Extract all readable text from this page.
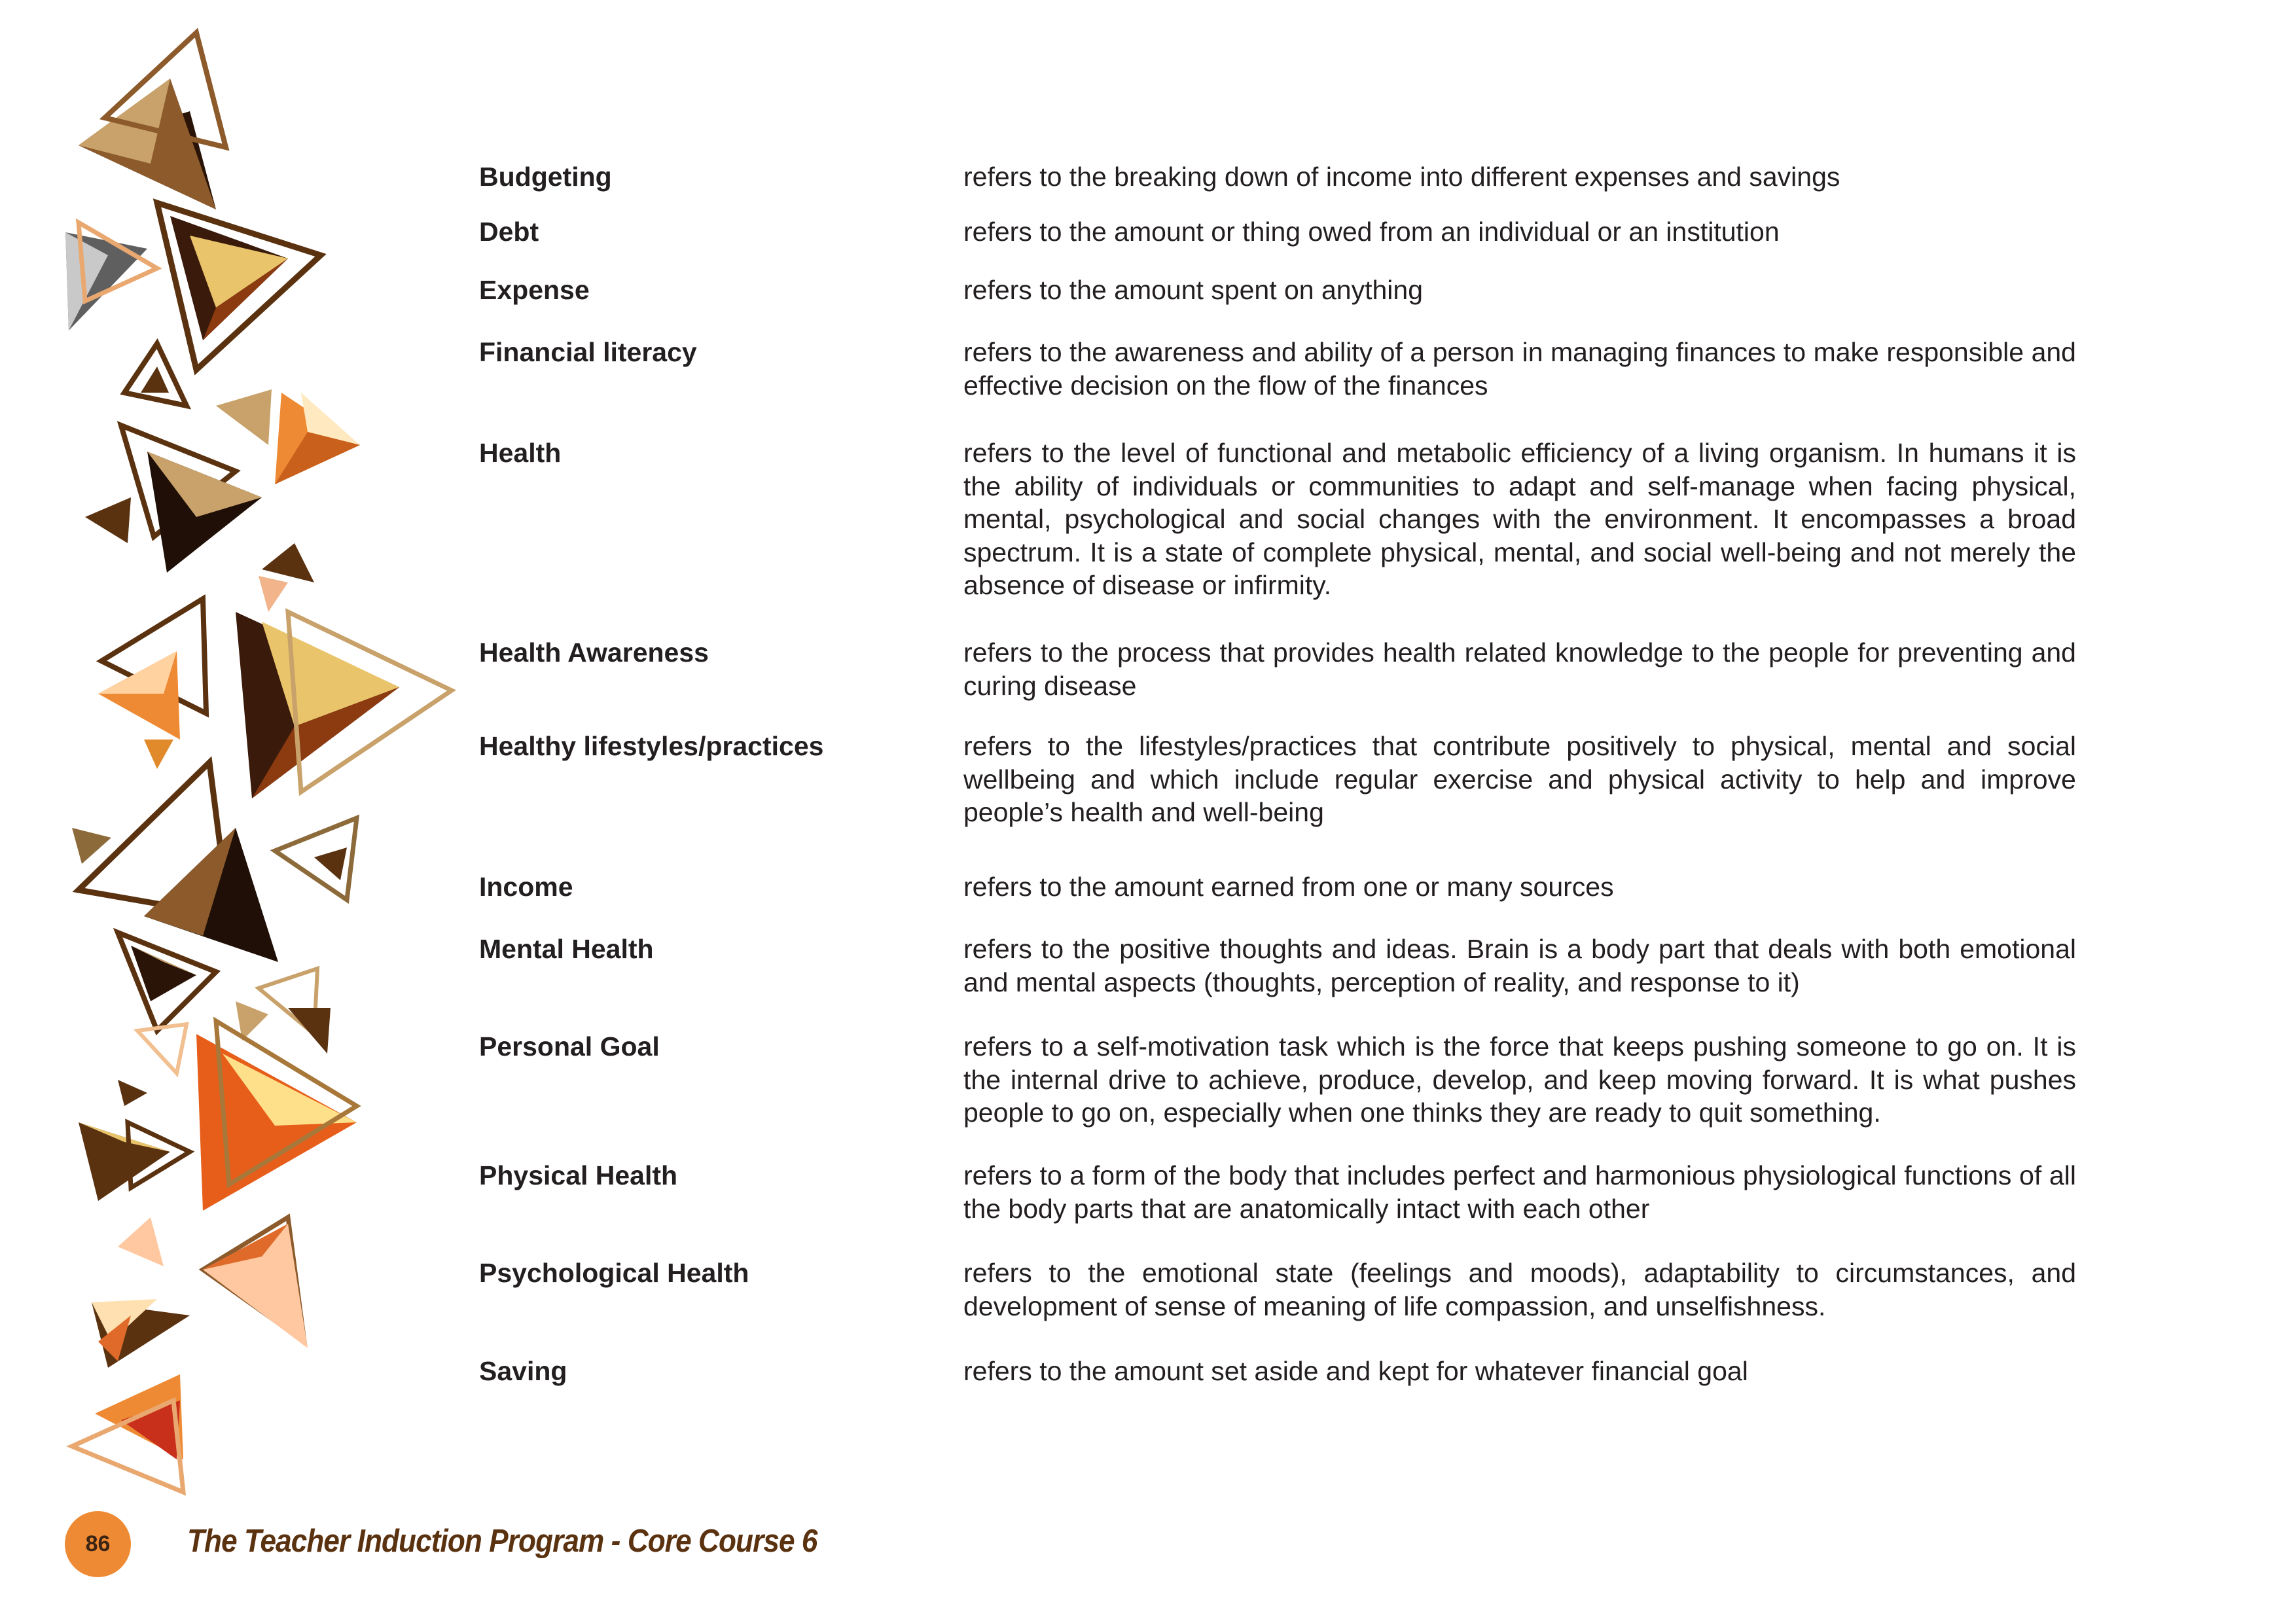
Budgeting	refers to the breaking down of income into different expenses and savings
Debt	refers to the amount or thing owed from an individual or an institution
Expense	refers to the amount spent on anything
Financial literacy	refers to the awareness and ability of a person in managing finances to make responsible and effective decision on the flow of the finances
Health	refers to the level of functional and metabolic efficiency of a living organism. In humans it is the ability of individuals or communities to adapt and self-manage when facing physical, mental, psychological and social changes with the environment. It encompasses a broad spectrum. It is a state of complete physical, mental, and social well-being and not merely the absence of disease or infirmity.
Health Awareness	refers to the process that provides health related knowledge to the people for preventing and curing disease
Healthy lifestyles/practices	refers to the lifestyles/practices that contribute positively to physical, mental and social wellbeing and which include regular exercise and physical activity to help and improve people’s health and well-being
Income	refers to the amount earned from one or many sources
Mental Health	refers to the positive thoughts and ideas. Brain is a body part that deals with both emotional and mental aspects (thoughts, perception of reality, and response to it)
Personal Goal	refers to a self-motivation task which is the force that keeps pushing someone to go on. It is the internal drive to achieve, produce, develop, and keep moving forward. It is what pushes people to go on, especially when one thinks they are ready to quit something.
Physical Health	refers to a form of the body that includes perfect and harmonious physiological functions of all the body parts that are anatomically intact with each other
Psychological Health	refers to the emotional state (feelings and moods), adaptability to circumstances, and development of sense of meaning of life compassion, and unselfishness.
Saving	refers to the amount set aside and kept for whatever financial goal
86	The Teacher Induction Program - Core Course 6
